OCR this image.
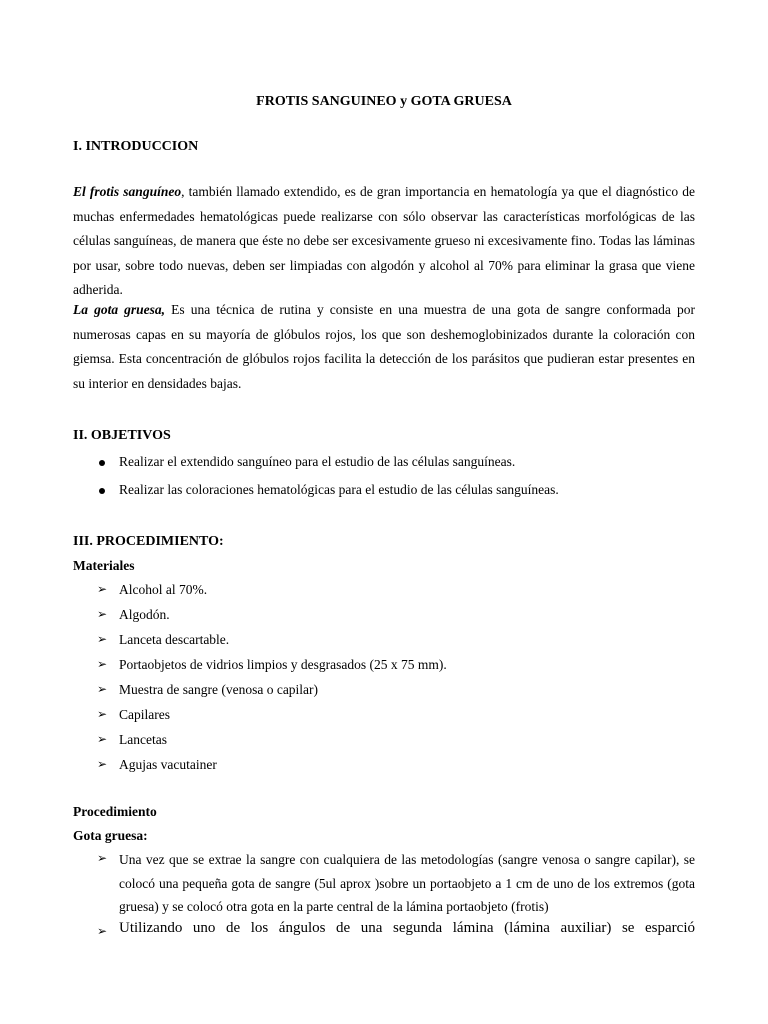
FROTIS SANGUINEO y GOTA GRUESA
I. INTRODUCCION
El frotis sanguíneo, también llamado extendido, es de gran importancia en hematología ya que el diagnóstico de muchas enfermedades hematológicas puede realizarse con sólo observar las características morfológicas de las células sanguíneas, de manera que éste no debe ser excesivamente grueso ni excesivamente fino. Todas las láminas por usar, sobre todo nuevas, deben ser limpiadas con algodón y alcohol al 70% para eliminar la grasa que viene adherida.
La gota gruesa, Es una técnica de rutina y consiste en una muestra de una gota de sangre conformada por numerosas capas en su mayoría de glóbulos rojos, los que son deshemoglobinizados durante la coloración con giemsa. Esta concentración de glóbulos rojos facilita la detección de los parásitos que pudieran estar presentes en su interior en densidades bajas.
II. OBJETIVOS
Realizar el extendido sanguíneo para el estudio de las células sanguíneas.
Realizar las coloraciones hematológicas para el estudio de las células sanguíneas.
III. PROCEDIMIENTO:
Materiales
➢ Alcohol al 70%.
➢ Algodón.
➢ Lanceta descartable.
➢ Portaobjetos de vidrios limpios y desgrasados (25 x 75 mm).
➢ Muestra de sangre (venosa o capilar)
➢ Capilares
➢ Lancetas
➢ Agujas vacutainer
Procedimiento
Gota gruesa:
➢ Una vez que se extrae la sangre con cualquiera de las metodologías (sangre venosa o sangre capilar), se colocó una pequeña gota de sangre (5ul aprox )sobre un portaobjeto a 1 cm de uno de los extremos (gota gruesa) y se colocó otra gota en la parte central de la lámina portaobjeto (frotis)
➢ Utilizando uno de los ángulos de una segunda lámina (lámina auxiliar) se esparció
